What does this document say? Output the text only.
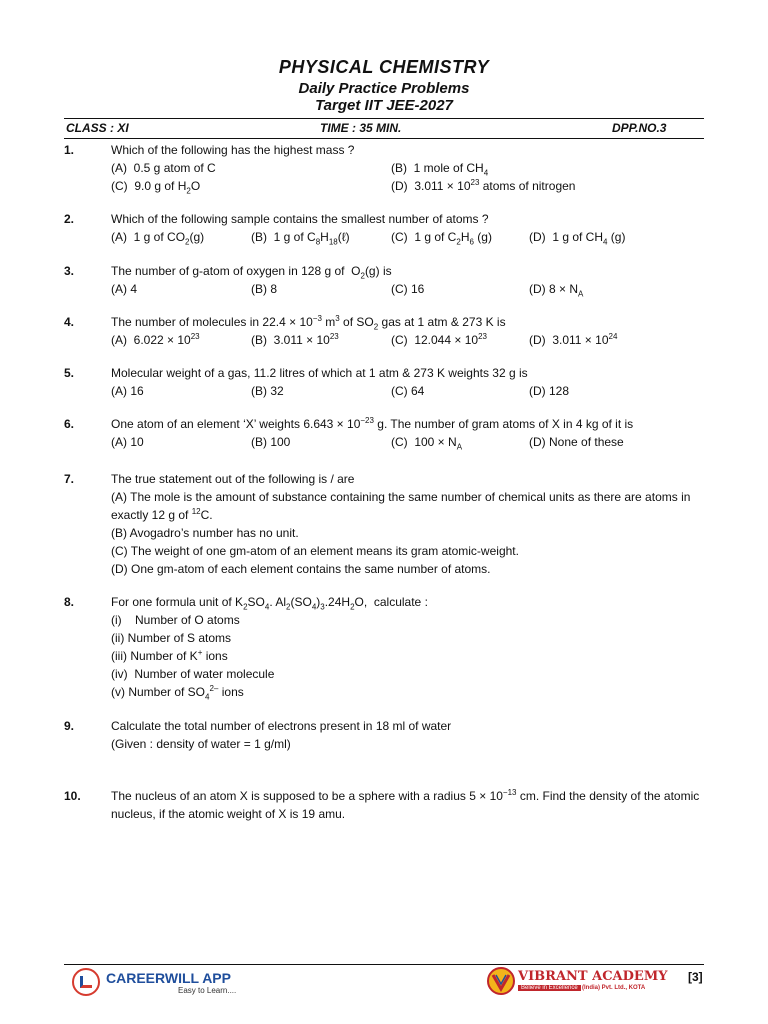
PHYSICAL CHEMISTRY
Daily Practice Problems
Target IIT JEE-2027
CLASS : XI	TIME : 35 MIN.	DPP.NO.3
1.	Which of the following has the highest mass ?
(A)  0.5 g atom of C	(B)  1 mole of $CH_4$
(C)  9.0 g of $H_2O$	(D)  $3.011 \times 10^{23}$ atoms of nitrogen
2.	Which of the following sample contains the smallest number of atoms ?
(A)  1 g of $CO_2(g)$	(B)  1 g of $C_8H_{18}(\ell)$	(C)  1 g of $C_2H_6$ (g)	(D)  1 g of $CH_4$ (g)
3.	The number of g-atom of oxygen in 128 g of  $O_2(g)$ is
(A) 4	(B) 8	(C) 16	(D) $8 \times N_A$
4.	The number of molecules in $22.4 \times 10^{-3}$ $m^3$ of $SO_2$ gas at 1 atm & 273 K is
(A)  $6.022 \times 10^{23}$	(B)  $3.011 \times 10^{23}$	(C)  $12.044 \times 10^{23}$	(D)  $3.011 \times 10^{24}$
5.	Molecular weight of a gas, 11.2 litres of which at 1 atm & 273 K weights 32 g is
(A) 16	(B) 32	(C) 64	(D) 128
6.	One atom of an element ‘X’ weights $6.643 \times 10^{-23}$ g. The number of gram atoms of X in 4 kg of it is
(A) 10	(B) 100	(C)  $100 \times N_A$	(D) None of these
7.	The true statement out of the following is / are
(A) The mole is the amount of substance containing the same number of chemical units as there are atoms in exactly 12 g of $^{12}$C.
(B) Avogadro’s number has no unit.
(C) The weight of one gm-atom of an element means its gram atomic-weight.
(D) One gm-atom of each element contains the same number of atoms.
8.	For one formula unit of $K_2SO_4$. $Al_2(SO_4)_3.24H_2O$,  calculate :
(i)    Number of O atoms
(ii) Number of S atoms
(iii) Number of K+ ions
(iv)  Number of water molecule
(v) Number of $SO_4^{2-}$ ions
9.	Calculate the total number of electrons present in 18 ml of water
(Given : density of water = 1 g/ml)
10.	The nucleus of an atom X is supposed to be a sphere with a radius $5 \times 10^{-13}$ cm. Find the density of the atomic nucleus, if the atomic weight of X is 19 amu.
CAREERWILL APP
Easy to Learn....
VIBRANT ACADEMY
Believe in Excellence (India) Pvt. Ltd., KOTA
[3]
